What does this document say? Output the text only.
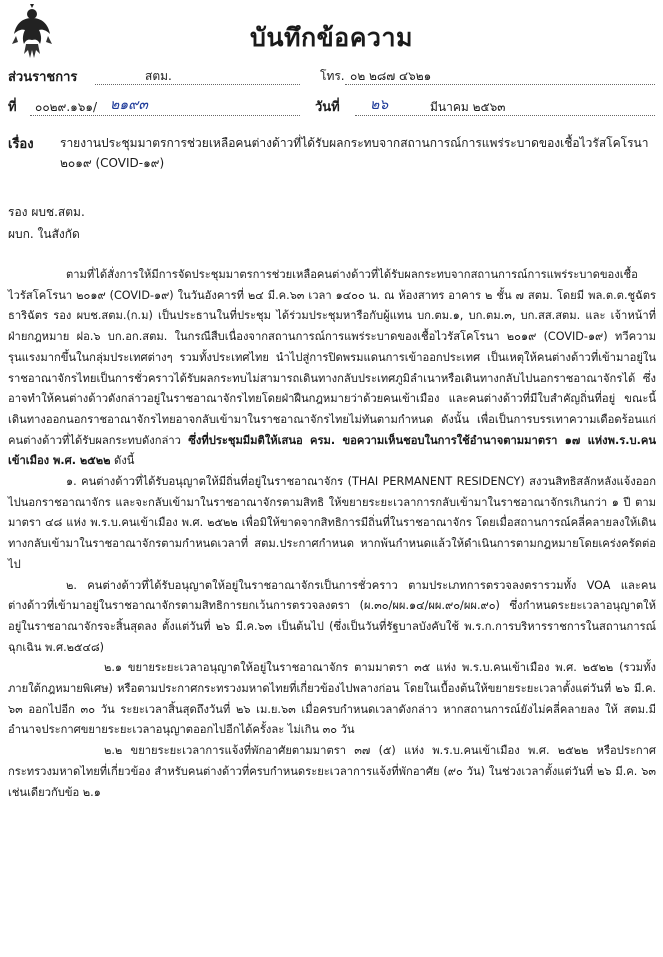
บันทึกข้อความ
ส่วนราชการ	สตม.	โทร. ๐๒ ๒๘๗ ๔๖๒๑
ที่ ๐๐๒๙.๑๖๑/ ๒๑๙๓	วันที่ ๒๖	มีนาคม ๒๕๖๓
เรื่อง รายงานประชุมมาตรการช่วยเหลือคนต่างด้าวที่ได้รับผลกระทบจากสถานการณ์การแพร่ระบาดของเชื้อไวรัสโคโรนา ๒๐๑๙ (COVID-๑๙)
รอง ผบช.สตม.
ผบก. ในสังกัด

ตามที่ได้สั่งการให้มีการจัดประชุมมาตรการช่วยเหลือคนต่างด้าวที่ได้รับผลกระทบจากสถานการณ์การแพร่ระบาดของเชื้อไวรัสโคโรนา ๒๐๑๙ (COVID-๑๙) ในวันอังคารที่ ๒๔ มี.ค.๖๓ เวลา ๑๔๐๐ น. ณ ห้องสาทร อาคาร ๒ ชั้น ๗ สตม. โดยมี พล.ต.ต.ชูฉัตร ธาริฉัตร รอง ผบช.สตม.(ก.ม) เป็นประธานในที่ประชุม ได้ร่วมประชุมหารือกับผู้แทน บก.ตม.๑, บก.ตม.๓, บก.สส.สตม. และ เจ้าหน้าที่ฝ่ายกฎหมาย ฝอ.๖ บก.อก.สตม. ในกรณีสืบเนื่องจากสถานการณ์การแพร่ระบาดของเชื้อไวรัสโคโรนา ๒๐๑๙ (COVID-๑๙) ทวีความรุนแรงมากขึ้นในกลุ่มประเทศต่างๆ รวมทั้งประเทศไทย นำไปสู่การปิดพรมแดนการเข้าออกประเทศ เป็นเหตุให้คนต่างด้าวที่เข้ามาอยู่ในราชอาณาจักรไทยเป็นการชั่วคราวได้รับผลกระทบไม่สามารถเดินทางกลับประเทศภูมิลำเนาหรือเดินทางกลับไปนอกราชอาณาจักรได้ ซึ่งอาจทำให้คนต่างด้าวดังกล่าวอยู่ในราชอาณาจักรไทยโดยฝ่าฝืนกฎหมายว่าด้วยคนเข้าเมือง และคนต่างด้าวที่มีใบสำคัญถิ่นที่อยู่ ขณะนี้เดินทางออกนอกราชอาณาจักรไทยอาจกลับเข้ามาในราชอาณาจักรไทยไม่ทันตามกำหนด ดังนั้น เพื่อเป็นการบรรเทาความเดือดร้อนแก่คนต่างด้าวที่ได้รับผลกระทบดังกล่าว ซึ่งที่ประชุมมีมติให้เสนอ ครม. ขอความเห็นชอบในการใช้อำนาจตามมาตรา ๑๗ แห่งพ.ร.บ.คนเข้าเมือง พ.ศ. ๒๕๒๒ ดังนี้

๑. คนต่างด้าวที่ได้รับอนุญาตให้มีถิ่นที่อยู่ในราชอาณาจักร (THAI PERMANENT RESIDENCY) สงวนสิทธิสลักหลังแจ้งออกไปนอกราชอาณาจักร และจะกลับเข้ามาในราชอาณาจักรตามสิทธิ ให้ขยายระยะเวลาการกลับเข้ามาในราชอาณาจักรเกินกว่า ๑ ปี ตามมาตรา ๔๘ แห่ง พ.ร.บ.คนเข้าเมือง พ.ศ. ๒๕๒๒ เพื่อมิให้ขาดจากสิทธิการมีถิ่นที่ในราชอาณาจักร โดยเมื่อสถานการณ์คลี่คลายลงให้เดินทางกลับเข้ามาในราชอาณาจักรตามกำหนดเวลาที่ สตม.ประกาศกำหนด หากพ้นกำหนดแล้วให้ดำเนินการตามกฎหมายโดยเคร่งครัดต่อไป

๒. คนต่างด้าวที่ได้รับอนุญาตให้อยู่ในราชอาณาจักรเป็นการชั่วคราว ตามประเภทการตรวจลงตรารวมทั้ง VOA และคนต่างด้าวที่เข้ามาอยู่ในราชอาณาจักรตามสิทธิการยกเว้นการตรวจลงตรา (ผ.๓๐/ผผ.๑๔/ผผ.๙๐/ผผ.๙๐) ซึ่งกำหนดระยะเวลาอนุญาตให้อยู่ในราชอาณาจักรจะสิ้นสุดลง ตั้งแต่วันที่ ๒๖ มี.ค.๖๓ เป็นต้นไป (ซึ่งเป็นวันที่รัฐบาลบังคับใช้ พ.ร.ก.การบริหารราชการในสถานการณ์ฉุกเฉิน พ.ศ.๒๕๔๘)

๒.๑ ขยายระยะเวลาอนุญาตให้อยู่ในราชอาณาจักร ตามมาตรา ๓๕ แห่ง พ.ร.บ.คนเข้าเมือง พ.ศ. ๒๕๒๒ (รวมทั้งภายใต้กฎหมายพิเศษ) หรือตามประกาศกระทรวงมหาดไทยที่เกี่ยวข้องไปพลางก่อน โดยในเบื้องต้นให้ขยายระยะเวลาตั้งแต่วันที่ ๒๖ มี.ค. ๖๓ ออกไปอีก ๓๐ วัน ระยะเวลาสิ้นสุดถึงวันที่ ๒๖ เม.ย.๖๓ เมื่อครบกำหนดเวลาดังกล่าว หากสถานการณ์ยังไม่คลี่คลายลง ให้ สตม.มีอำนาจประกาศขยายระยะเวลาอนุญาตออกไปอีกได้ครั้งละ ไม่เกิน ๓๐ วัน

๒.๒ ขยายระยะเวลาการแจ้งที่พักอาศัยตามมาตรา ๓๗ (๕) แห่ง พ.ร.บ.คนเข้าเมือง พ.ศ. ๒๕๒๒ หรือประกาศกระทรวงมหาดไทยที่เกี่ยวข้อง สำหรับคนต่างด้าวที่ครบกำหนดระยะเวลาการแจ้งที่พักอาศัย (๙๐ วัน) ในช่วงเวลาตั้งแต่วันที่ ๒๖ มี.ค. ๖๓ เช่นเดียวกับข้อ ๒.๑
